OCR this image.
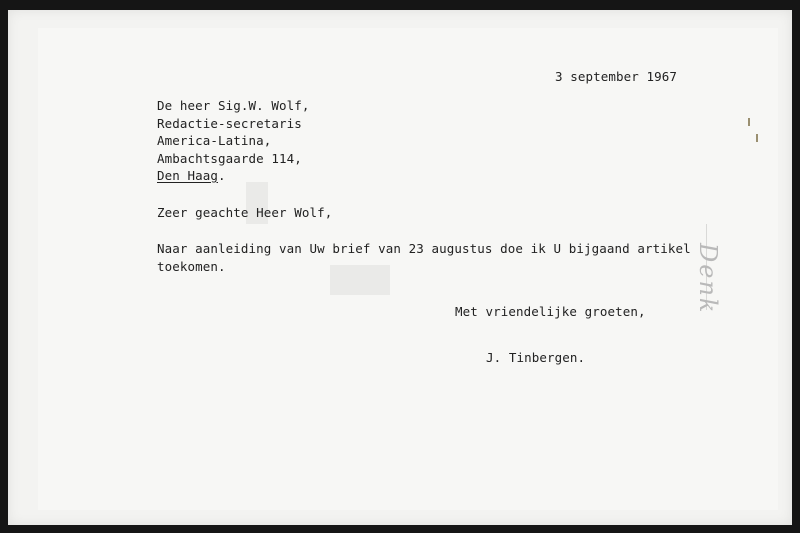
3 september 1967
De heer Sig.W. Wolf,
Redactie-secretaris
America-Latina,
Ambachtsgaarde 114,
Den Haag.
Zeer geachte Heer Wolf,
Naar aanleiding van Uw brief van 23 augustus doe ik U bijgaand artikel
toekomen.
Met vriendelijke groeten,
J. Tinbergen.
Denk
